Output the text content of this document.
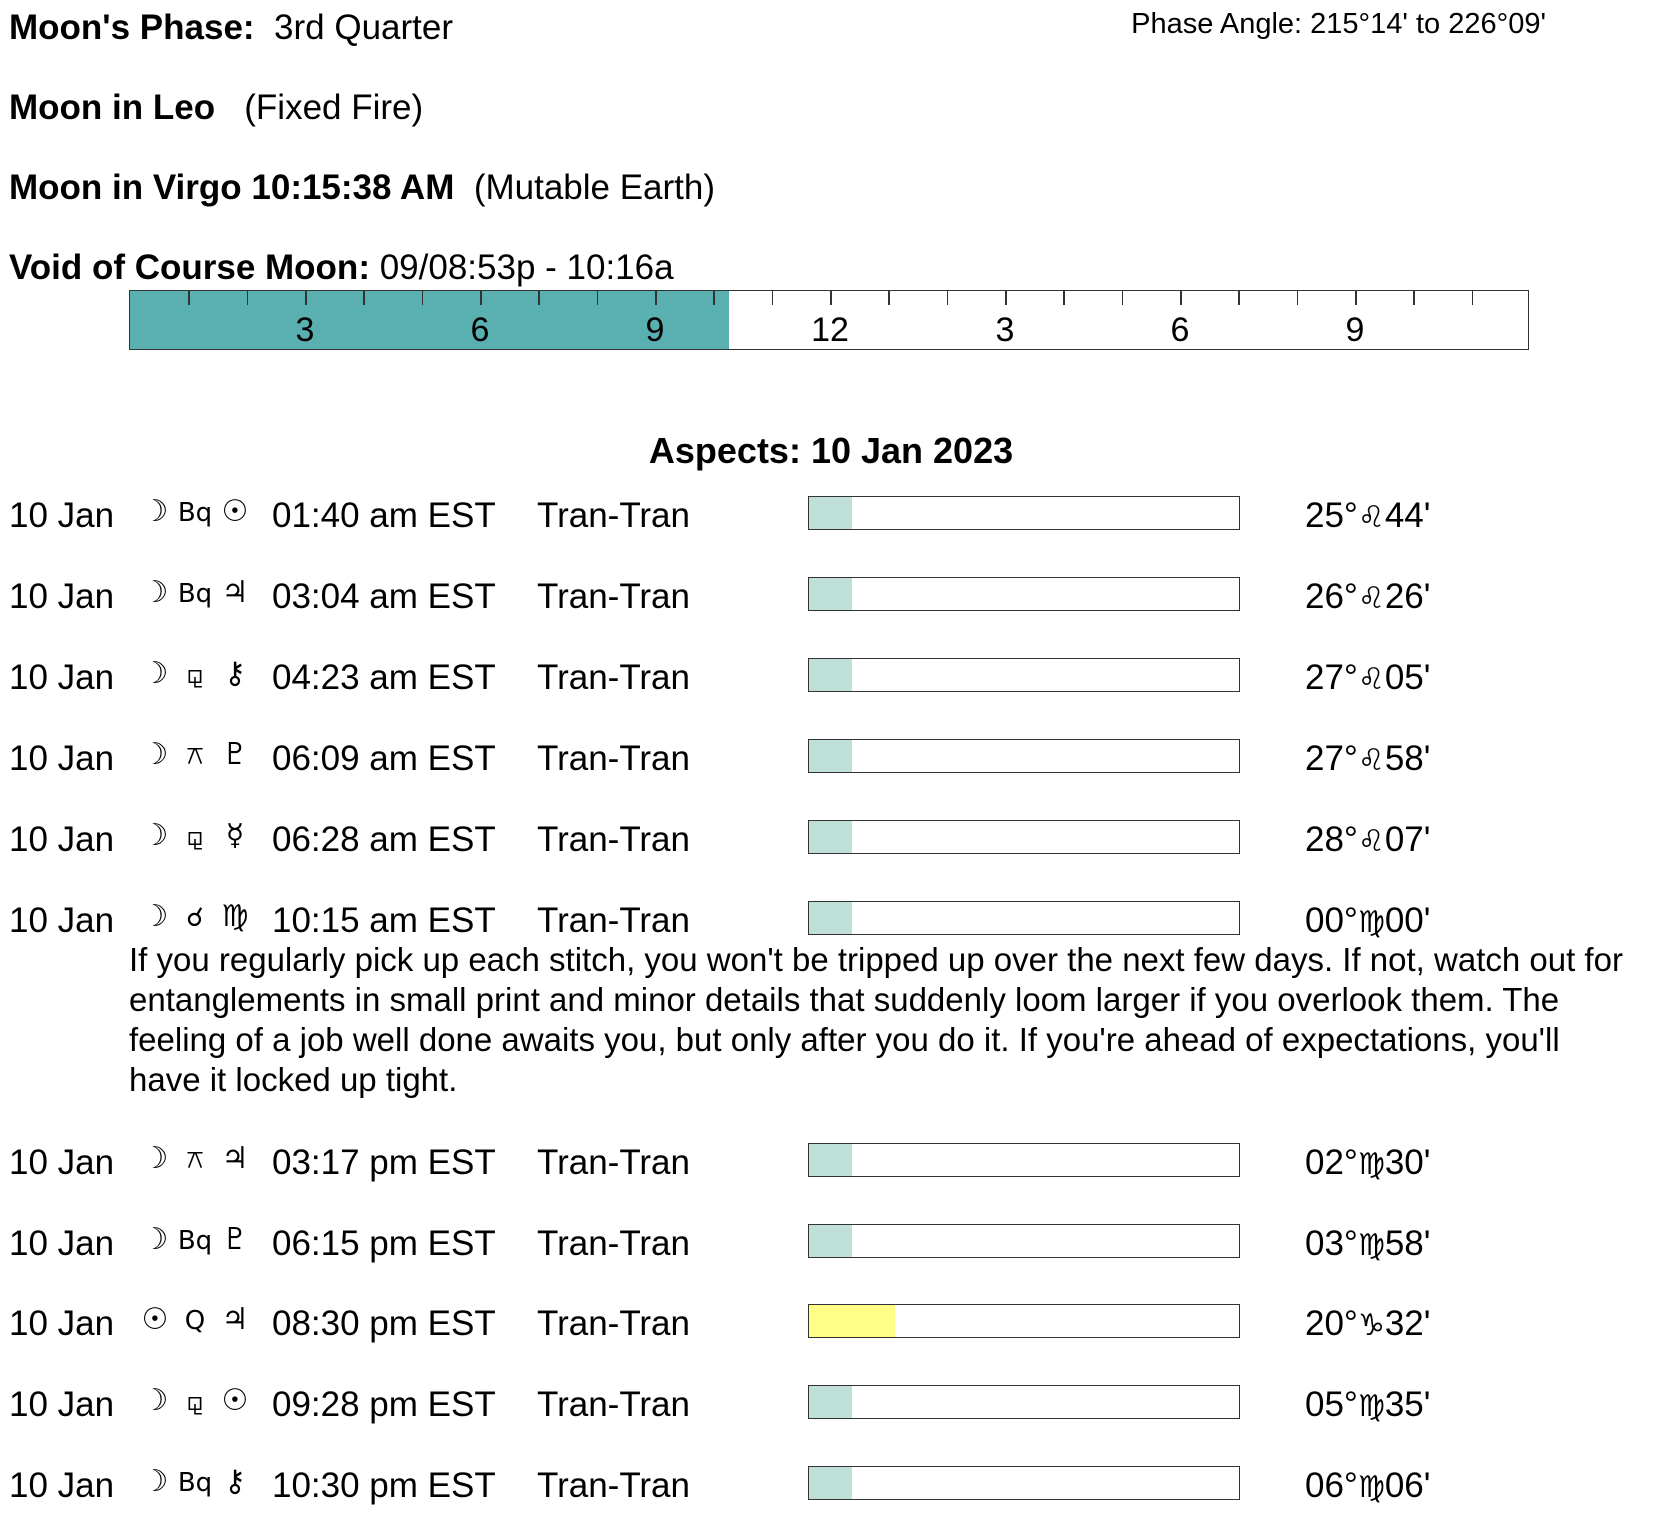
Moon's Phase: 3rd Quarter	Phase Angle: 215°14' to 226°09'
Moon in Leo (Fixed Fire)
Moon in Virgo 10:15:38 AM (Mutable Earth)
Void of Course Moon: 09/08:53p - 10:16a
3	6	9	12	3	6	9
Aspects: 10 Jan 2023
10 Jan ☽ Bq ☉ 01:40 am EST Tran-Tran	25°♌44'
10 Jan ☽ Bq ♃ 03:04 am EST Tran-Tran	26°♌26'
10 Jan ☽ ⚼ ⚷ 04:23 am EST Tran-Tran	27°♌05'
10 Jan ☽ ⚻ ♇ 06:09 am EST Tran-Tran	27°♌58'
10 Jan ☽ ⚼ ☿ 06:28 am EST Tran-Tran	28°♌07'
10 Jan ☽ ☌ ♍ 10:15 am EST Tran-Tran	00°♍00'
10 Jan ☽ ⚻ ♃ 03:17 pm EST Tran-Tran	02°♍30'
10 Jan ☽ Bq ♇ 06:15 pm EST Tran-Tran	03°♍58'
10 Jan ☉ Q ♃ 08:30 pm EST Tran-Tran	20°♑32'
10 Jan ☽ ⚼ ☉ 09:28 pm EST Tran-Tran	05°♍35'
10 Jan ☽ Bq ⚷ 10:30 pm EST Tran-Tran	06°♍06'
If you regularly pick up each stitch, you won't be tripped up over the next few days. If not, watch out for entanglements in small print and minor details that suddenly loom larger if you overlook them. The feeling of a job well done awaits you, but only after you do it. If you're ahead of expectations, you'll have it locked up tight.
